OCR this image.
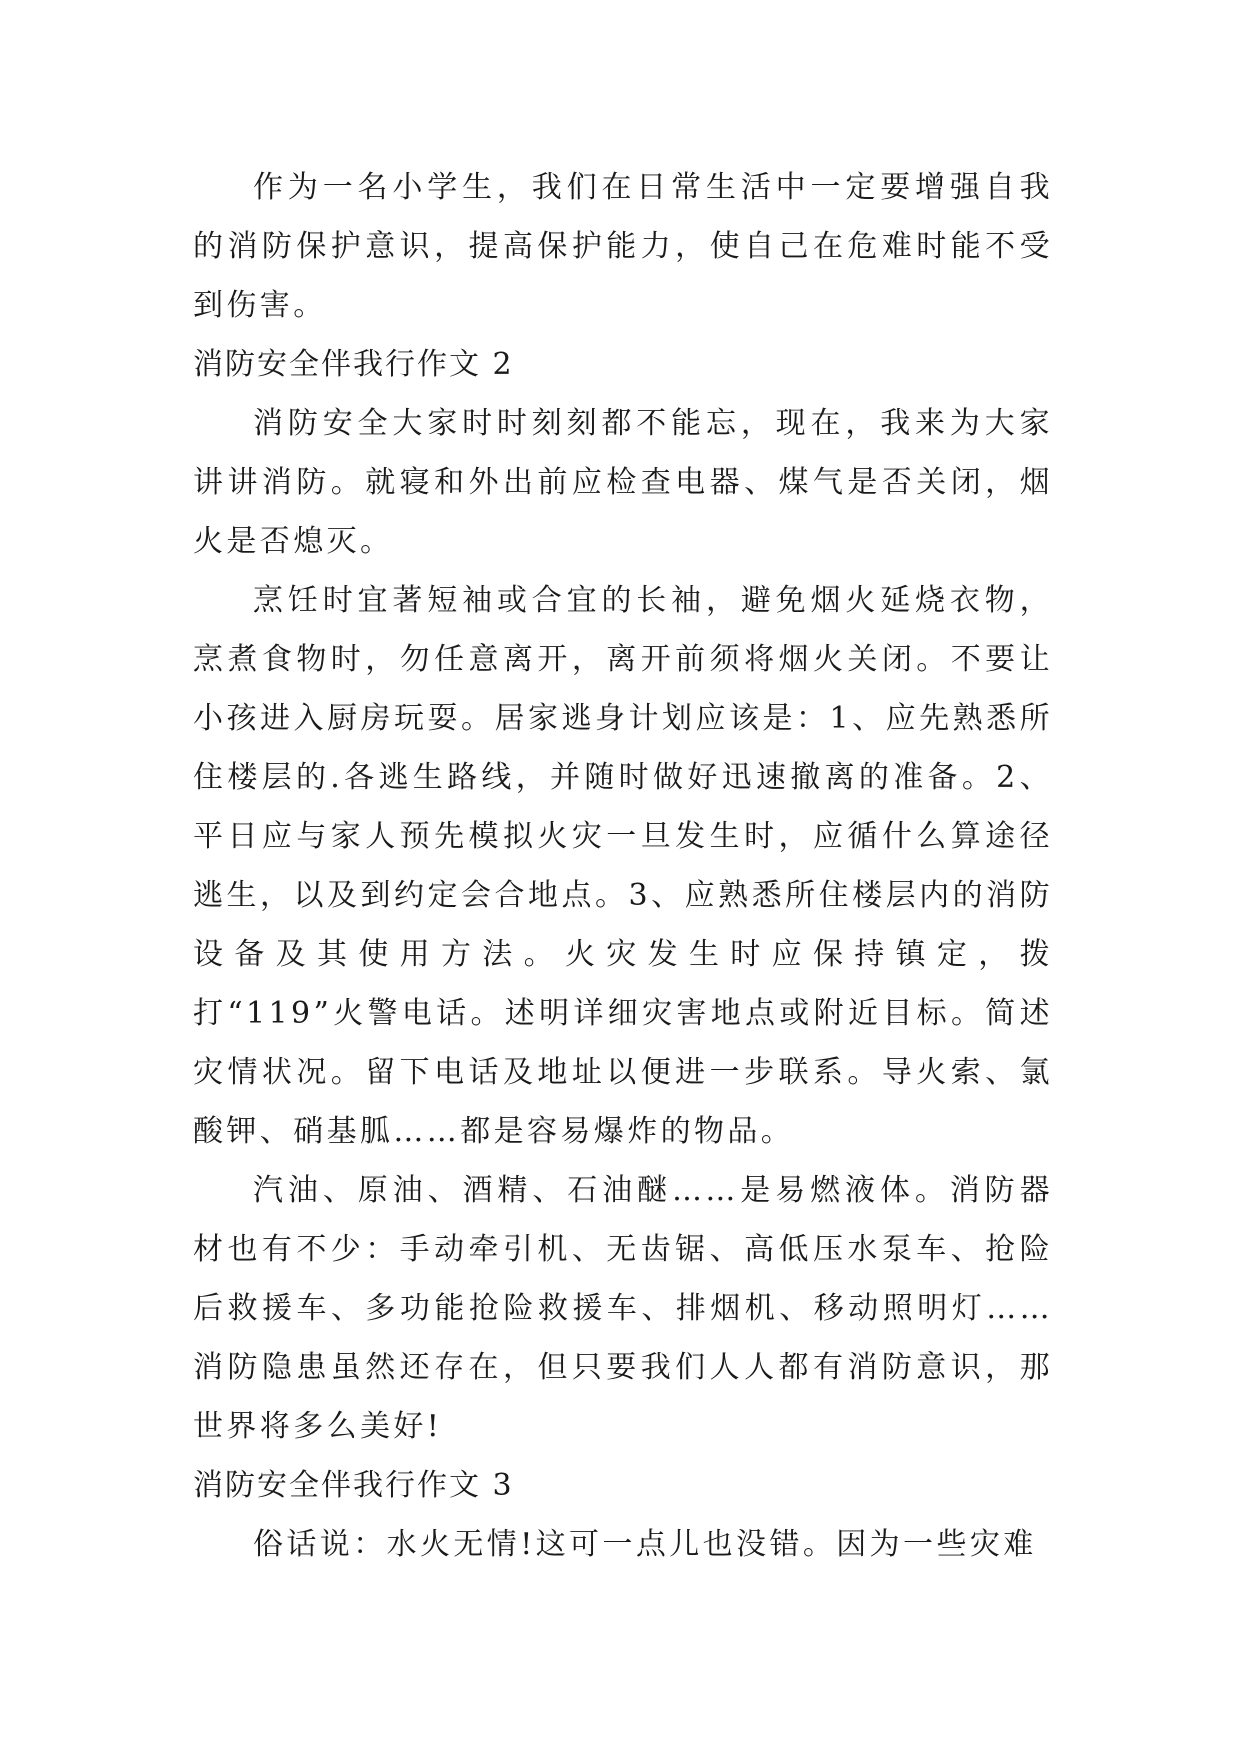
作为一名小学生，我们在日常生活中一定要增强自我的消防保护意识，提高保护能力，使自己在危难时能不受到伤害。

消防安全伴我行作文 2

消防安全大家时时刻刻都不能忘，现在，我来为大家讲讲消防。就寝和外出前应检查电器、煤气是否关闭，烟火是否熄灭。

烹饪时宜著短袖或合宜的长袖，避免烟火延烧衣物，烹煮食物时，勿任意离开，离开前须将烟火关闭。不要让小孩进入厨房玩耍。居家逃身计划应该是：1、应先熟悉所住楼层的.各逃生路线，并随时做好迅速撤离的准备。2、平日应与家人预先模拟火灾一旦发生时，应循什么算途径逃生，以及到约定会合地点。3、应熟悉所住楼层内的消防设备及其使用方法。火灾发生时应保持镇定，拨打“119”火警电话。述明详细灾害地点或附近目标。简述灾情状况。留下电话及地址以便进一步联系。导火索、氯酸钾、硝基胍……都是容易爆炸的物品。

汽油、原油、酒精、石油醚……是易燃液体。消防器材也有不少：手动牵引机、无齿锯、高低压水泵车、抢险后救援车、多功能抢险救援车、排烟机、移动照明灯……消防隐患虽然还存在，但只要我们人人都有消防意识，那世界将多么美好!

消防安全伴我行作文 3

俗话说：水火无情!这可一点儿也没错。因为一些灾难
